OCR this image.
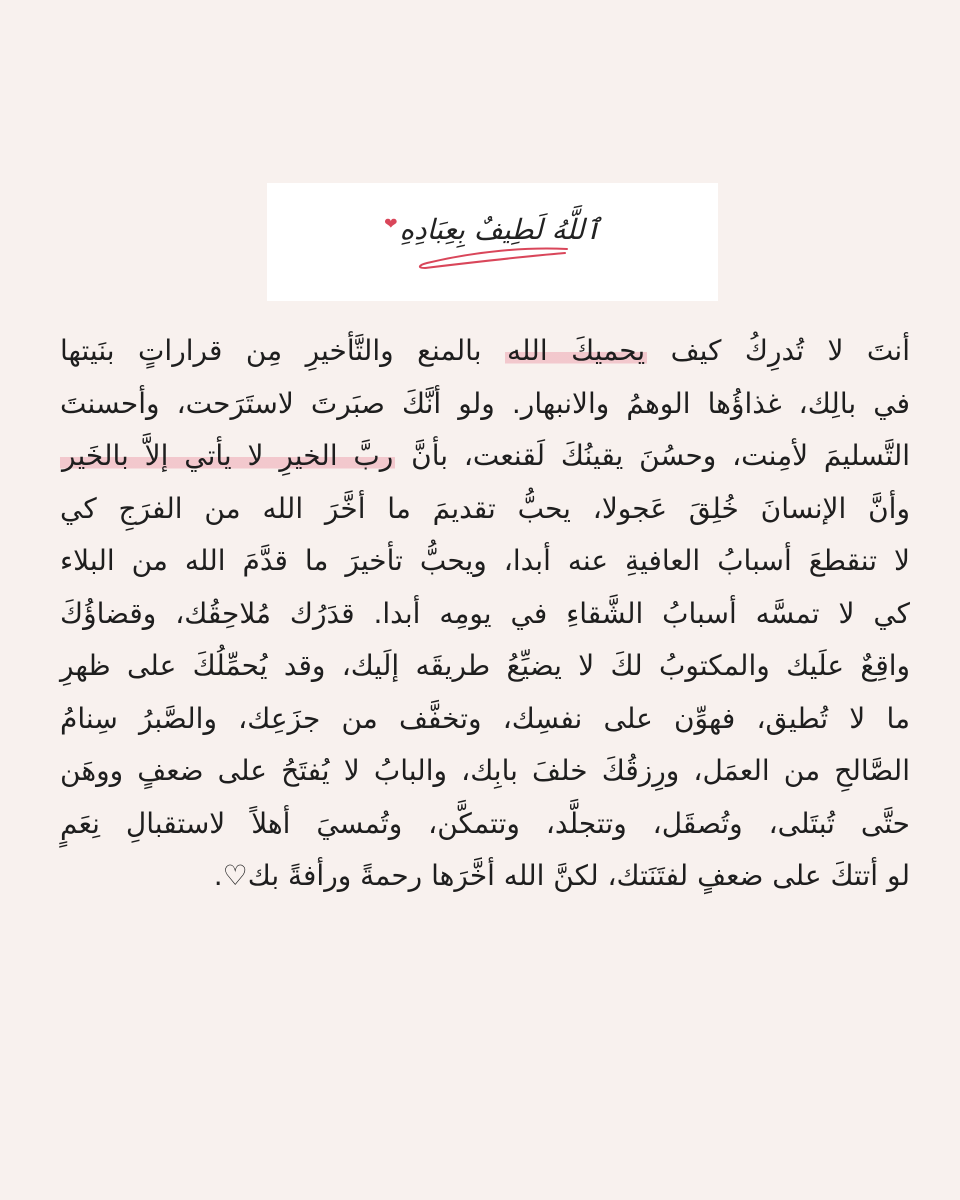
ٱللَّهُ لَطِيفٌ بِعِبَادِهِ❤
أنتَ لا تُدرِكُ كيف يحميكَ الله بالمنع والتَّأخيرِ مِن قراراتٍ بنَيتها
في بالِك، غذاؤُها الوهمُ والانبهار. ولو أنَّكَ صبَرتَ لاستَرَحت، وأحسنتَ
التَّسليمَ لأمِنت، وحسُنَ يقينُكَ لَقنعت، بأنَّ ربَّ الخيرِ لا يأتي إلاَّ بالخَير
وأنَّ الإنسانَ خُلِقَ عَجولا، يحبُّ تقديمَ ما أخَّرَ الله من الفرَجِ كي
لا تنقطعَ أسبابُ العافيةِ عنه أبدا، ويحبُّ تأخيرَ ما قدَّمَ الله من البلاء
كي لا تمسَّه أسبابُ الشَّقاءِ في يومِه أبدا. قدَرُك مُلاحِقُك، وقضاؤُكَ
واقِعٌ علَيك والمكتوبُ لكَ لا يضيِّعُ طريقَه إلَيك، وقد يُحمِّلُكَ على ظهرِ
ما لا تُطيق، فهوِّن على نفسِك، وتخفَّف من جزَعِك، والصَّبرُ سِنامُ
الصَّالحِ من العمَل، ورِزقُكَ خلفَ بابِك، والبابُ لا يُفتَحُ على ضعفٍ ووهَن
حتَّى تُبتَلى، وتُصقَل، وتتجلَّد، وتتمكَّن، وتُمسيَ أهلاً لاستقبالِ نِعَمٍ
لو أتتكَ على ضعفٍ لفتَنَتك، لكنَّ الله أخَّرَها رحمةً ورأفةً بك♡.
